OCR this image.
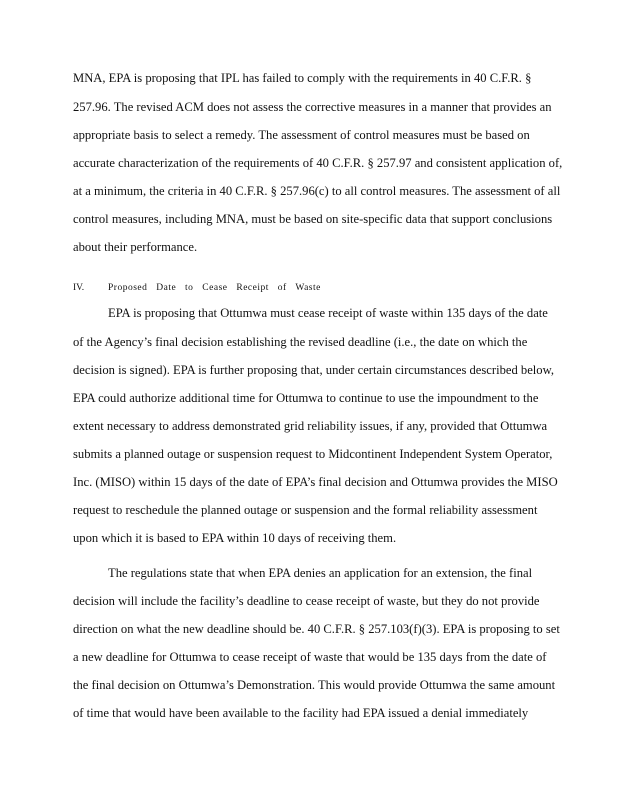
MNA, EPA is proposing that IPL has failed to comply with the requirements in 40 C.F.R. §
257.96. The revised ACM does not assess the corrective measures in a manner that provides an
appropriate basis to select a remedy. The assessment of control measures must be based on
accurate characterization of the requirements of 40 C.F.R. § 257.97 and consistent application of,
at a minimum, the criteria in 40 C.F.R. § 257.96(c) to all control measures. The assessment of all
control measures, including MNA, must be based on site-specific data that support conclusions
about their performance.
IV.	Proposed Date to Cease Receipt of Waste
EPA is proposing that Ottumwa must cease receipt of waste within 135 days of the date
of the Agency’s final decision establishing the revised deadline (i.e., the date on which the
decision is signed). EPA is further proposing that, under certain circumstances described below,
EPA could authorize additional time for Ottumwa to continue to use the impoundment to the
extent necessary to address demonstrated grid reliability issues, if any, provided that Ottumwa
submits a planned outage or suspension request to Midcontinent Independent System Operator,
Inc. (MISO) within 15 days of the date of EPA’s final decision and Ottumwa provides the MISO
request to reschedule the planned outage or suspension and the formal reliability assessment
upon which it is based to EPA within 10 days of receiving them.
The regulations state that when EPA denies an application for an extension, the final
decision will include the facility’s deadline to cease receipt of waste, but they do not provide
direction on what the new deadline should be. 40 C.F.R. § 257.103(f)(3). EPA is proposing to set
a new deadline for Ottumwa to cease receipt of waste that would be 135 days from the date of
the final decision on Ottumwa’s Demonstration. This would provide Ottumwa the same amount
of time that would have been available to the facility had EPA issued a denial immediately
